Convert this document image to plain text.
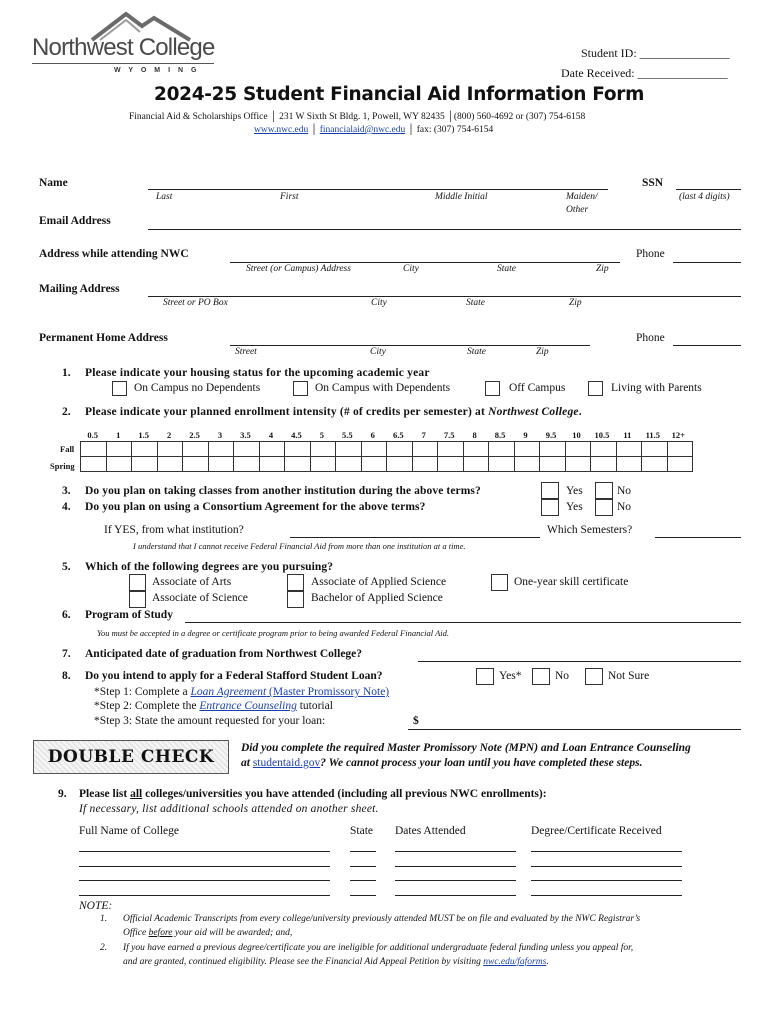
Northwest College
W Y O M I N G
Student ID: _______________
Date Received: _______________
2024-25 Student Financial Aid Information Form
Financial Aid & Scholarships Office │ 231 W Sixth St Bldg. 1, Powell, WY 82435 │(800) 560-4692 or (307) 754-6158
www.nwc.edu │ financialaid@nwc.edu │ fax: (307) 754-6154
Name
Last	First	Middle Initial	Maiden/
Other
SSN
(last 4 digits)
Email Address
Address while attending NWC
Street (or Campus) Address	City	State	Zip
Phone
Mailing Address
Street or PO Box	City	State	Zip
Permanent Home Address
Street	City	State	Zip
Phone
1. Please indicate your housing status for the upcoming academic year
On Campus no Dependents	On Campus with Dependents	Off Campus	Living with Parents
2. Please indicate your planned enrollment intensity (# of credits per semester) at Northwest College.
0.5 1 1.5 2 2.5 3 3.5 4 4.5 5 5.5 6 6.5 7 7.5 8 8.5 9 9.5 10 10.5 11 11.5 12+
Fall
Spring

3. Do you plan on taking classes from another institution during the above terms?
4. Do you plan on using a Consortium Agreement for the above terms?
Yes	No
Yes	No
If YES, from what institution?	Which Semesters?
I understand that I cannot receive Federal Financial Aid from more than one institution at a time.
5. Which of the following degrees are you pursuing?
Associate of Arts
Associate of Science
Associate of Applied Science
Bachelor of Applied Science
One-year skill certificate
6. Program of Study
You must be accepted in a degree or certificate program prior to being awarded Federal Financial Aid.
7. Anticipated date of graduation from Northwest College?
8. Do you intend to apply for a Federal Stafford Student Loan?	Yes*	No	Not Sure
*Step 1: Complete a Loan Agreement (Master Promissory Note)
*Step 2: Complete the Entrance Counseling tutorial
*Step 3: State the amount requested for your loan:	$
DOUBLE CHECK Did you complete the required Master Promissory Note (MPN) and Loan Entrance Counseling
at studentaid.gov? We cannot process your loan until you have completed these steps.
9. Please list all colleges/universities you have attended (including all previous NWC enrollments):
If necessary, list additional schools attended on another sheet.
Full Name of College	State Dates Attended	Degree/Certificate Received
NOTE:
1. Official Academic Transcripts from every college/university previously attended MUST be on file and evaluated by the NWC Registrar’s
Office before your aid will be awarded; and,
2. If you have earned a previous degree/certificate you are ineligible for additional undergraduate federal funding unless you appeal for,
and are granted, continued eligibility. Please see the Financial Aid Appeal Petition by visiting nwc.edu/faforms.
